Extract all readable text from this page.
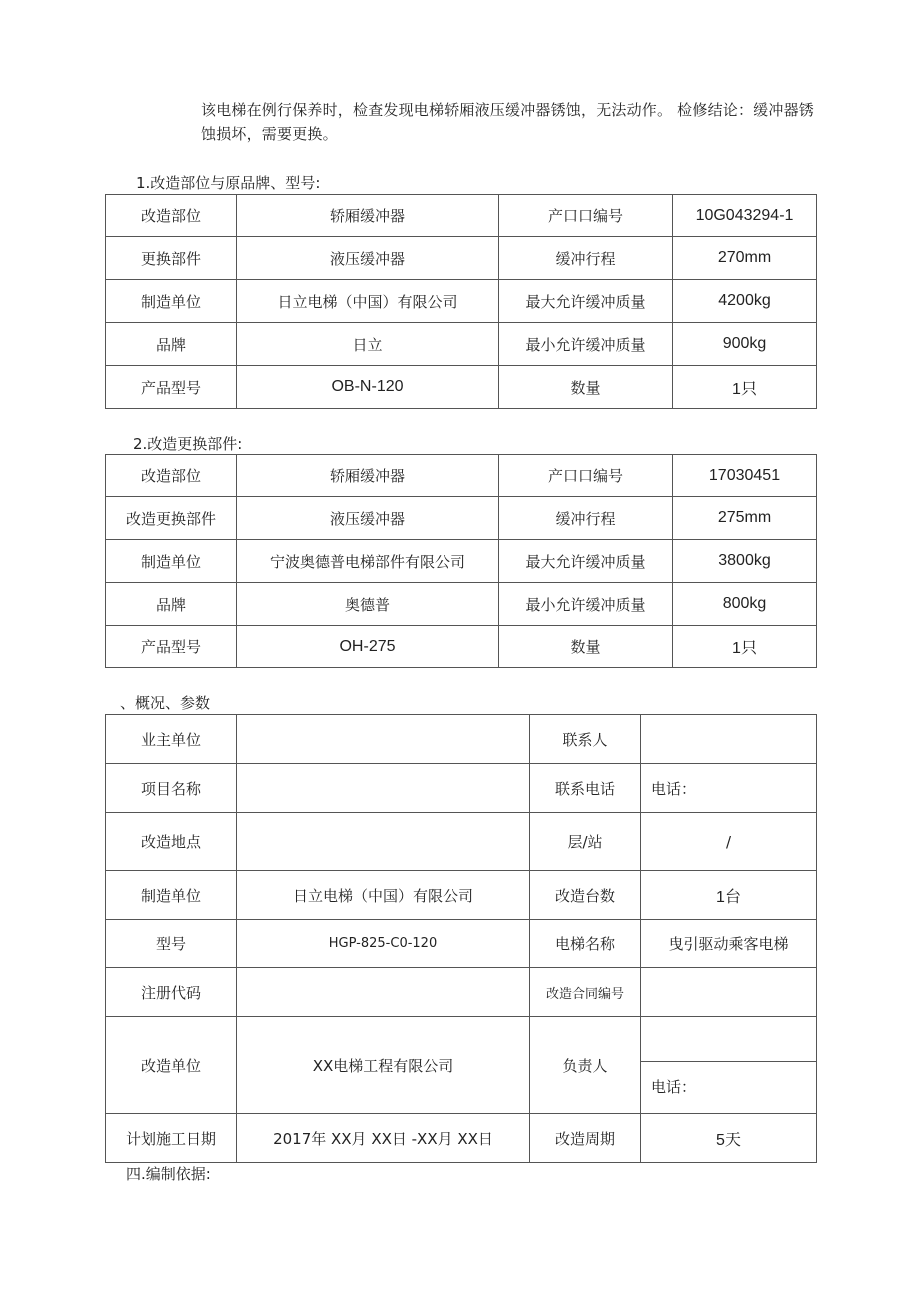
该电梯在例行保养时，检查发现电梯轿厢液压缓冲器锈蚀，无法动作。 检修结论：缓冲器锈蚀损坏，需要更换。
1.改造部位与原品牌、型号:
改造部位	轿厢缓冲器	产口口编号	10G043294-1
更换部件	液压缓冲器	缓冲行程	270mm
制造单位	日立电梯（中国）有限公司	最大允许缓冲质量	4200kg
品牌	日立	最小允许缓冲质量	900kg
产品型号	OB-N-120	数量	1只
2.改造更换部件:
改造部位	轿厢缓冲器	产口口编号	17030451
改造更换部件	液压缓冲器	缓冲行程	275mm
制造单位	宁波奥德普电梯部件有限公司	最大允许缓冲质量	3800kg
品牌	奥德普	最小允许缓冲质量	800kg
产品型号	OH-275	数量	1只
、概况、参数
业主单位		联系人	
项目名称		联系电话	电话：
改造地点		层/站	/
制造单位	日立电梯（中国）有限公司	改造台数	1台
型号	HGP-825-C0-120	电梯名称	曳引驱动乘客电梯
注册代码		改造合同编号	
改造单位	XX电梯工程有限公司	负责人	电话：

计划施工日期	2017年 XX月 XX日 -XX月 XX日	改造周期	5天
四.编制依据:
